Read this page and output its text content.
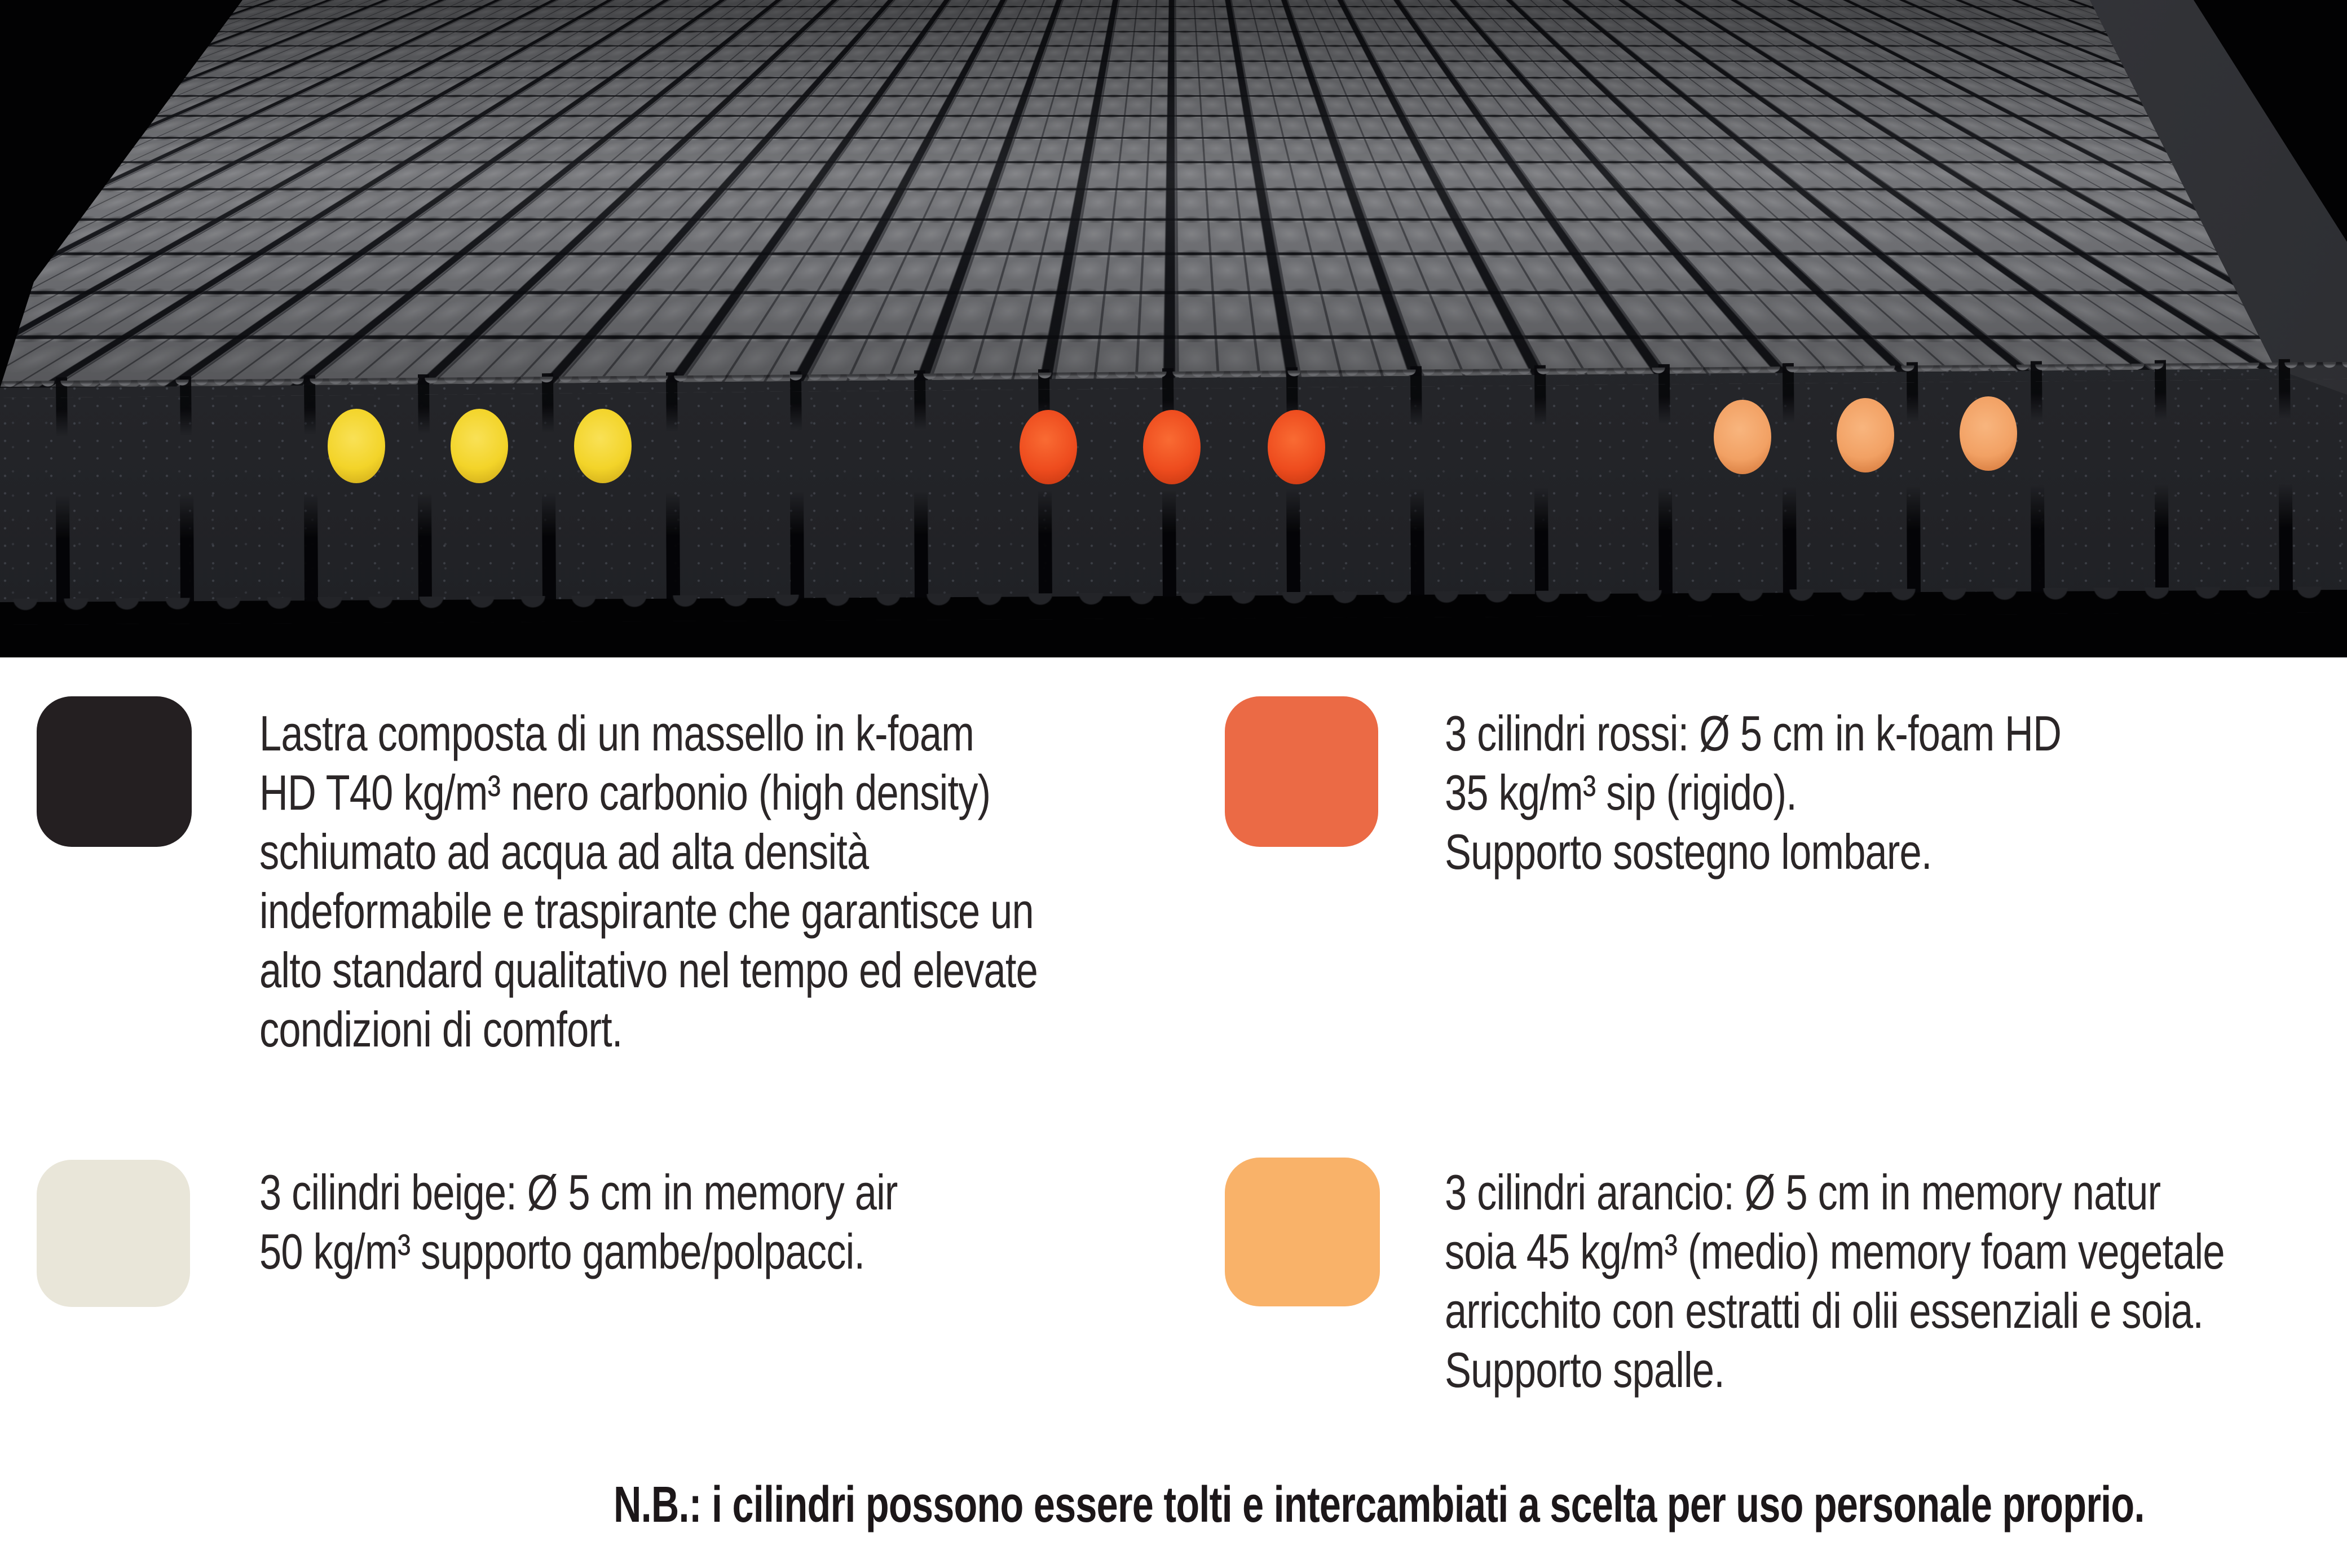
Lastra composta di un massello in k-foam
HD T40 kg/m³ nero carbonio (high density)
schiumato ad acqua ad alta densità
indeformabile e traspirante che garantisce un
alto standard qualitativo nel tempo ed elevate
condizioni di comfort.
3 cilindri rossi: Ø 5 cm in k-foam HD
35 kg/m³ sip (rigido).
Supporto sostegno lombare.
3 cilindri beige: Ø 5 cm in memory air
50 kg/m³ supporto gambe/polpacci.
3 cilindri arancio: Ø 5 cm in memory natur
soia 45 kg/m³ (medio) memory foam vegetale
arricchito con estratti di olii essenziali e soia.
Supporto spalle.
N.B.: i cilindri possono essere tolti e intercambiati a scelta per uso personale proprio.
